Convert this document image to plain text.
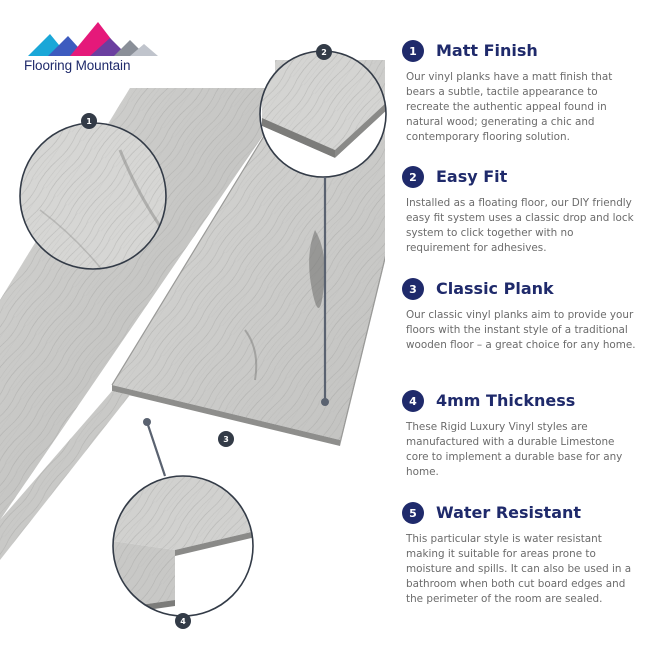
1
2
3
4
Flooring Mountain
1	Matt Finish

Our vinyl planks have a matt finish that bears a subtle, tactile appearance to recreate the authentic appeal found in natural wood; generating a chic and contemporary flooring solution.

2	Easy Fit

Installed as a floating floor, our DIY friendly easy fit system uses a classic drop and lock system to click together with no requirement for adhesives.

3	Classic Plank

Our classic vinyl planks aim to provide your floors with the instant style of a traditional wooden floor – a great choice for any home.

4	4mm Thickness

These Rigid Luxury Vinyl styles are manufactured with a durable Limestone core to implement a durable base for any home.

5	Water Resistant

This particular style is water resistant making it suitable for areas prone to moisture and spills. It can also be used in a bathroom when both cut board edges and the perimeter of the room are sealed.
